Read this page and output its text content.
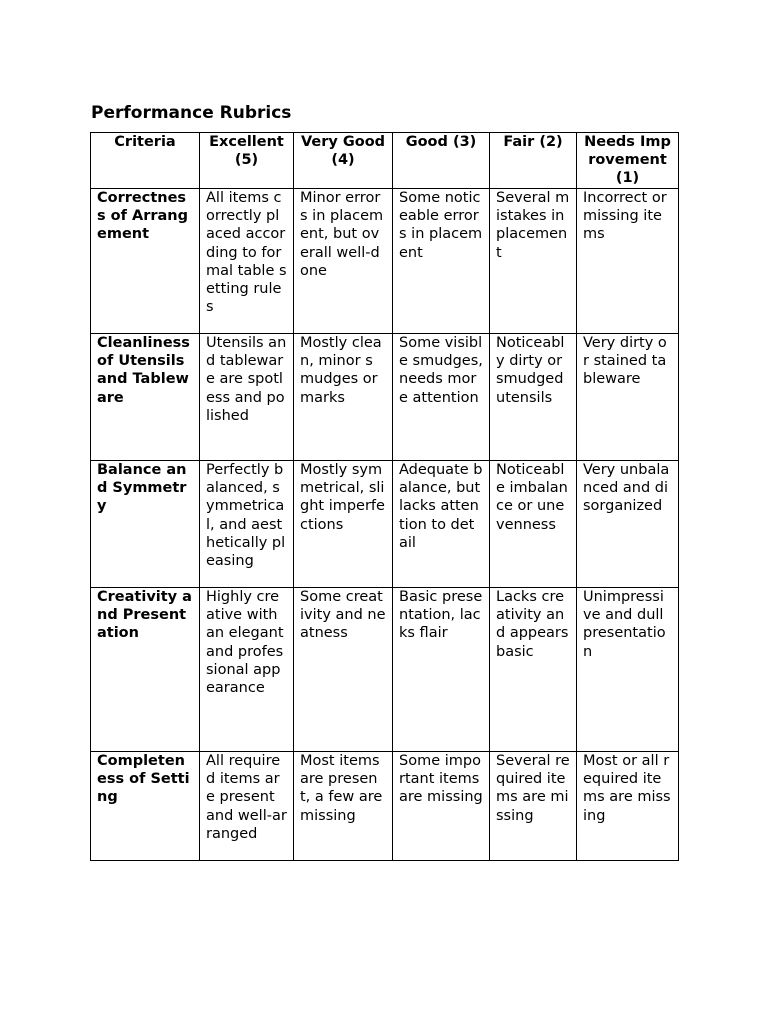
Performance Rubrics
Criteria	Excellent (5)	Very Good (4)	Good (3)	Fair (2)	Needs Improvement (1)
Correctness of Arrangement	All items correctly placed according to formal table setting rules	Minor errors in placement, but overall well-done	Some noticeable errors in placement	Several mistakes in placement	Incorrect or missing items
Cleanliness of Utensils and Tableware	Utensils and tableware are spotless and polished	Mostly clean, minor smudges or marks	Some visible smudges, needs more attention	Noticeably dirty or smudged utensils	Very dirty or stained tableware
Balance and Symmetry	Perfectly balanced, symmetrical, and aesthetically pleasing	Mostly symmetrical, slight imperfections	Adequate balance, but lacks attention to detail	Noticeable imbalance or unevenness	Very unbalanced and disorganized
Creativity and Presentation	Highly creative with an elegant and professional appearance	Some creativity and neatness	Basic presentation, lacks flair	Lacks creativity and appears basic	Unimpressive and dull presentation
Completeness of Setting	All required items are present and well-arranged	Most items are present, a few are missing	Some important items are missing	Several required items are missing	Most or all required items are missing
